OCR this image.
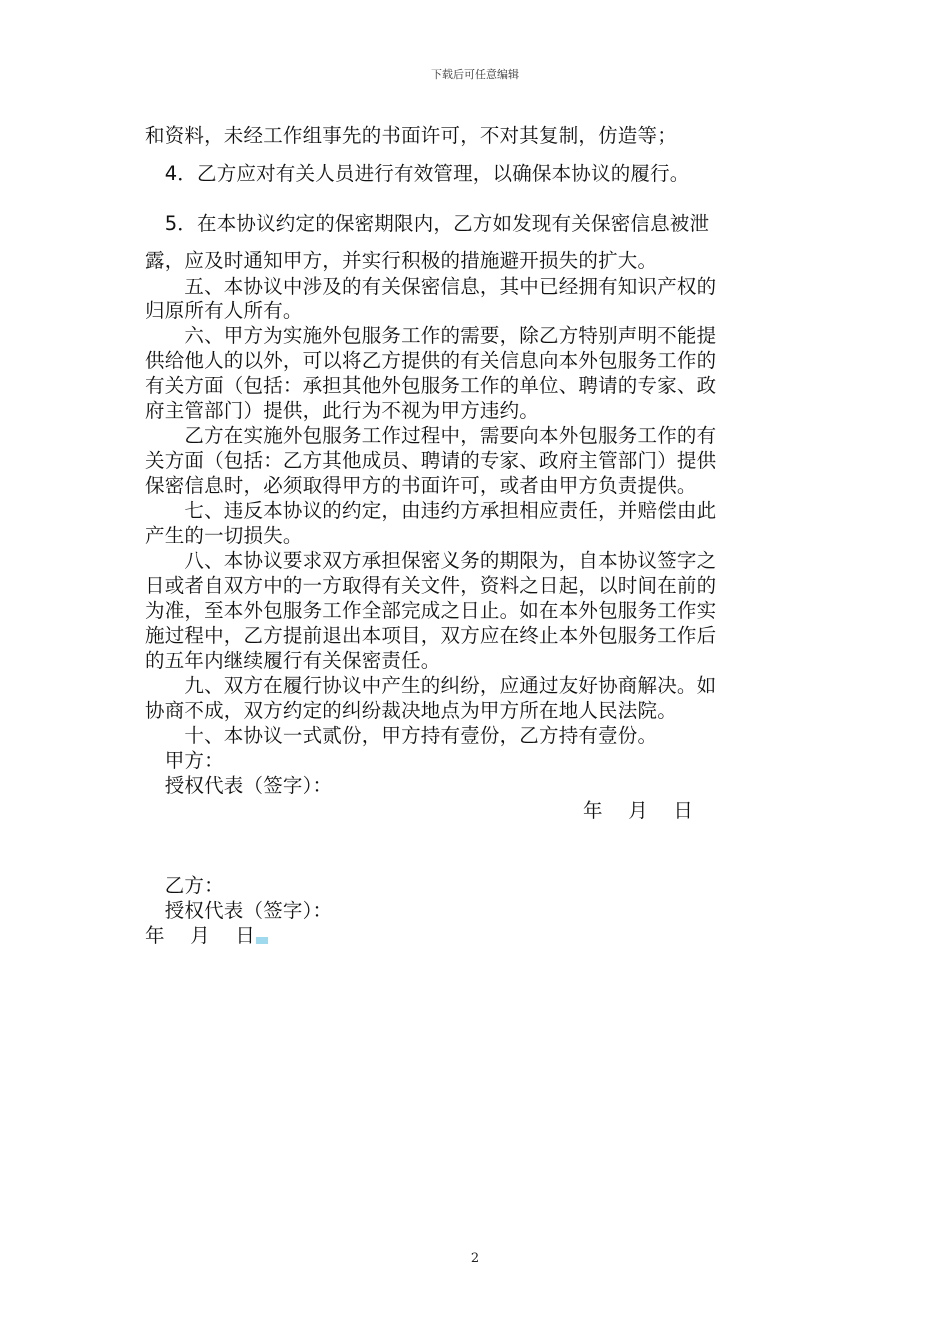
下载后可任意编辑
和资料，未经工作组事先的书面许可，不对其复制，仿造等；
　4．乙方应对有关人员进行有效管理，以确保本协议的履行。
　5．在本协议约定的保密期限内，乙方如发现有关保密信息被泄
露，应及时通知甲方，并实行积极的措施避开损失的扩大。
　　五、本协议中涉及的有关保密信息，其中已经拥有知识产权的
归原所有人所有。
　　六、甲方为实施外包服务工作的需要，除乙方特别声明不能提
供给他人的以外，可以将乙方提供的有关信息向本外包服务工作的
有关方面（包括：承担其他外包服务工作的单位、聘请的专家、政
府主管部门）提供，此行为不视为甲方违约。
　　乙方在实施外包服务工作过程中，需要向本外包服务工作的有
关方面（包括：乙方其他成员、聘请的专家、政府主管部门）提供
保密信息时，必须取得甲方的书面许可，或者由甲方负责提供。
　　七、违反本协议的约定，由违约方承担相应责任，并赔偿由此
产生的一切损失。
　　八、本协议要求双方承担保密义务的期限为，自本协议签字之
日或者自双方中的一方取得有关文件，资料之日起，以时间在前的
为准，至本外包服务工作全部完成之日止。如在本外包服务工作实
施过程中，乙方提前退出本项目，双方应在终止本外包服务工作后
的五年内继续履行有关保密责任。
　　九、双方在履行协议中产生的纠纷，应通过友好协商解决。如
协商不成，双方约定的纠纷裁决地点为甲方所在地人民法院。
　　十、本协议一式贰份，甲方持有壹份，乙方持有壹份。
　甲方：
　授权代表（签字）：
年　 月　 日
　乙方：
　授权代表（签字）：
年　 月　 日
2
